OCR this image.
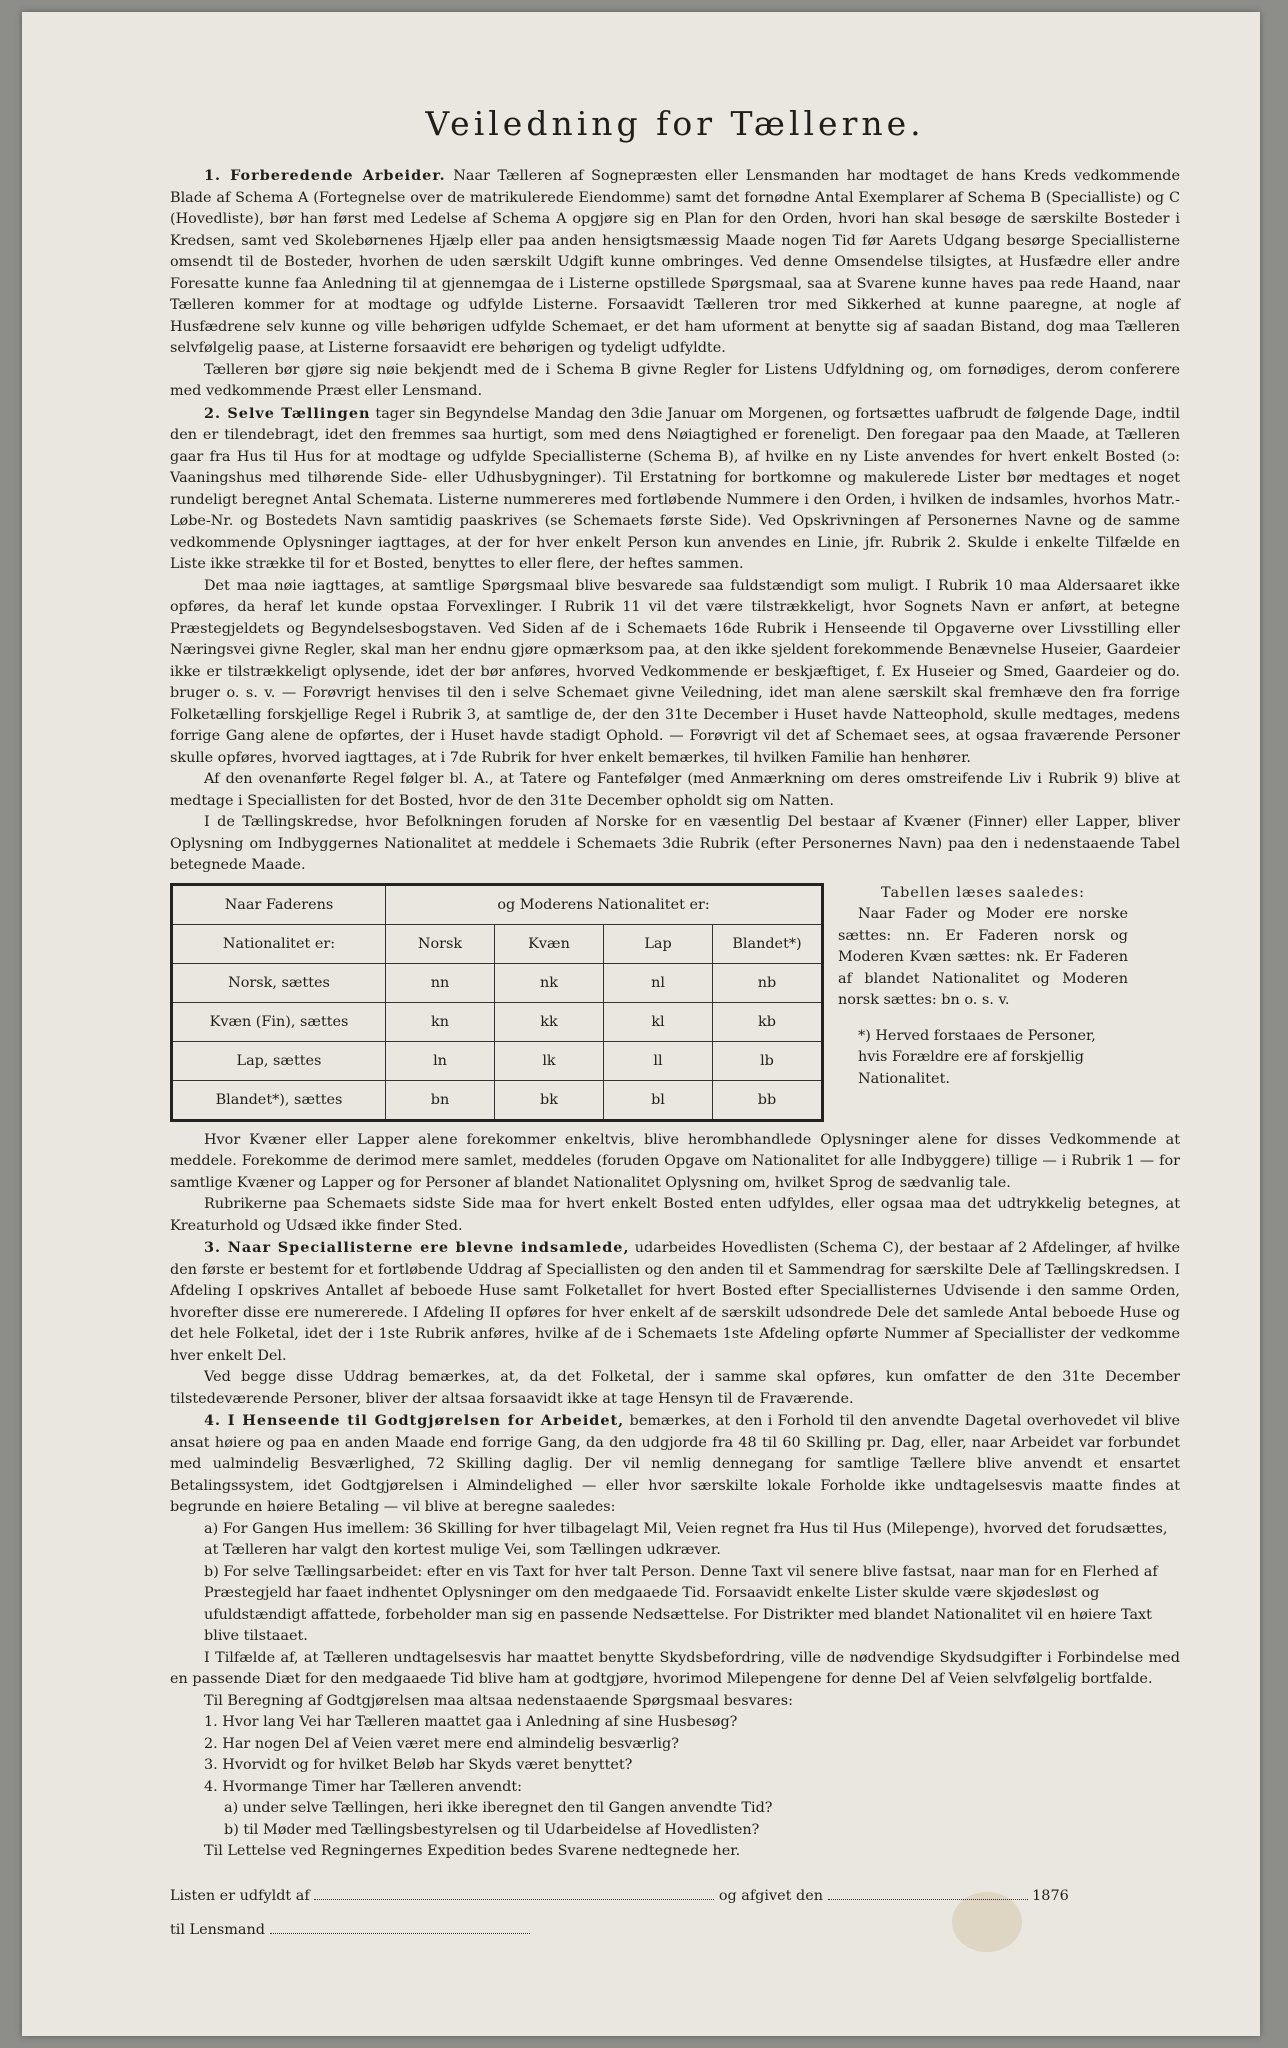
Veiledning for Tællerne.

1. Forberedende Arbeider. Naar Tælleren af Sognepræsten eller Lensmanden har modtaget de hans Kreds vedkommende Blade af Schema A (Fortegnelse over de matrikulerede Eiendomme) samt det fornødne Antal Exemplarer af Schema B (Specialliste) og C (Hovedliste), bør han først med Ledelse af Schema A opgjøre sig en Plan for den Orden, hvori han skal besøge de særskilte Bosteder i Kredsen, samt ved Skolebørnenes Hjælp eller paa anden hensigtsmæssig Maade nogen Tid før Aarets Udgang besørge Speciallisterne omsendt til de Bosteder, hvorhen de uden særskilt Udgift kunne ombringes. Ved denne Omsendelse tilsigtes, at Husfædre eller andre Foresatte kunne faa Anledning til at gjennemgaa de i Listerne opstillede Spørgsmaal, saa at Svarene kunne haves paa rede Haand, naar Tælleren kommer for at modtage og udfylde Listerne. Forsaavidt Tælleren tror med Sikkerhed at kunne paaregne, at nogle af Husfædrene selv kunne og ville behørigen udfylde Schemaet, er det ham uforment at benytte sig af saadan Bistand, dog maa Tælleren selvfølgelig paase, at Listerne forsaavidt ere behørigen og tydeligt udfyldte.

Tælleren bør gjøre sig nøie bekjendt med de i Schema B givne Regler for Listens Udfyldning og, om fornødiges, derom conferere med vedkommende Præst eller Lensmand.

2. Selve Tællingen tager sin Begyndelse Mandag den 3die Januar om Morgenen, og fortsættes uafbrudt de følgende Dage, indtil den er tilendebragt, idet den fremmes saa hurtigt, som med dens Nøiagtighed er foreneligt. Den foregaar paa den Maade, at Tælleren gaar fra Hus til Hus for at modtage og udfylde Speciallisterne (Schema B), af hvilke en ny Liste anvendes for hvert enkelt Bosted (ɔ: Vaaningshus med tilhørende Side- eller Udhusbygninger). Til Erstatning for bortkomne og makulerede Lister bør medtages et noget rundeligt beregnet Antal Schemata. Listerne nummereres med fortløbende Nummere i den Orden, i hvilken de indsamles, hvorhos Matr.-Løbe-Nr. og Bostedets Navn samtidig paaskrives (se Schemaets første Side). Ved Opskrivningen af Personernes Navne og de samme vedkommende Oplysninger iagttages, at der for hver enkelt Person kun anvendes en Linie, jfr. Rubrik 2. Skulde i enkelte Tilfælde en Liste ikke strække til for et Bosted, benyttes to eller flere, der heftes sammen.

Det maa nøie iagttages, at samtlige Spørgsmaal blive besvarede saa fuldstændigt som muligt. I Rubrik 10 maa Aldersaaret ikke opføres, da heraf let kunde opstaa Forvexlinger. I Rubrik 11 vil det være tilstrækkeligt, hvor Sognets Navn er anført, at betegne Præstegjeldets og Begyndelsesbogstaven. Ved Siden af de i Schemaets 16de Rubrik i Henseende til Opgaverne over Livsstilling eller Næringsvei givne Regler, skal man her endnu gjøre opmærksom paa, at den ikke sjeldent forekommende Benævnelse Huseier, Gaardeier ikke er tilstrækkeligt oplysende, idet der bør anføres, hvorved Vedkommende er beskjæftiget, f. Ex Huseier og Smed, Gaardeier og do. bruger o. s. v. — Forøvrigt henvises til den i selve Schemaet givne Veiledning, idet man alene særskilt skal fremhæve den fra forrige Folketælling forskjellige Regel i Rubrik 3, at samtlige de, der den 31te December i Huset havde Natteophold, skulle medtages, medens forrige Gang alene de opførtes, der i Huset havde stadigt Ophold. — Forøvrigt vil det af Schemaet sees, at ogsaa fraværende Personer skulle opføres, hvorved iagttages, at i 7de Rubrik for hver enkelt bemærkes, til hvilken Familie han henhører.

Af den ovenanførte Regel følger bl. A., at Tatere og Fantefølger (med Anmærkning om deres omstreifende Liv i Rubrik 9) blive at medtage i Speciallisten for det Bosted, hvor de den 31te December opholdt sig om Natten.

I de Tællingskredse, hvor Befolkningen foruden af Norske for en væsentlig Del bestaar af Kvæner (Finner) eller Lapper, bliver Oplysning om Indbyggernes Nationalitet at meddele i Schemaets 3die Rubrik (efter Personernes Navn) paa den i nedenstaaende Tabel betegnede Maade.

Naar Faderens	og Moderens Nationalitet er:			
Nationalitet er:	Norsk	Kvæn	Lap	Blandet*)
Norsk, sættes	nn	nk	nl	nb
Kvæn (Fin), sættes	kn	kk	kl	kb
Lap, sættes	ln	lk	ll	lb
Blandet*), sættes	bn	bk	bl	bb
Tabellen læses saaledes:

Naar Fader og Moder ere norske sættes: nn. Er Faderen norsk og Moderen Kvæn sættes: nk. Er Faderen af blandet Nationalitet og Moderen norsk sættes: bn o. s. v.

*) Herved forstaaes de Personer, hvis Forældre ere af forskjellig Nationalitet.

Hvor Kvæner eller Lapper alene forekommer enkeltvis, blive herombhandlede Oplysninger alene for disses Vedkommende at meddele. Forekomme de derimod mere samlet, meddeles (foruden Opgave om Nationalitet for alle Indbyggere) tillige — i Rubrik 1 — for samtlige Kvæner og Lapper og for Personer af blandet Nationalitet Oplysning om, hvilket Sprog de sædvanlig tale.

Rubrikerne paa Schemaets sidste Side maa for hvert enkelt Bosted enten udfyldes, eller ogsaa maa det udtrykkelig betegnes, at Kreaturhold og Udsæd ikke finder Sted.

3. Naar Speciallisterne ere blevne indsamlede, udarbeides Hovedlisten (Schema C), der bestaar af 2 Afdelinger, af hvilke den første er bestemt for et fortløbende Uddrag af Speciallisten og den anden til et Sammendrag for særskilte Dele af Tællingskredsen. I Afdeling I opskrives Antallet af beboede Huse samt Folketallet for hvert Bosted efter Speciallisternes Udvisende i den samme Orden, hvorefter disse ere numererede. I Afdeling II opføres for hver enkelt af de særskilt udsondrede Dele det samlede Antal beboede Huse og det hele Folketal, idet der i 1ste Rubrik anføres, hvilke af de i Schemaets 1ste Afdeling opførte Nummer af Speciallister der vedkomme hver enkelt Del.

Ved begge disse Uddrag bemærkes, at, da det Folketal, der i samme skal opføres, kun omfatter de den 31te December tilstedeværende Personer, bliver der altsaa forsaavidt ikke at tage Hensyn til de Fraværende.

4. I Henseende til Godtgjørelsen for Arbeidet, bemærkes, at den i Forhold til den anvendte Dagetal overhovedet vil blive ansat høiere og paa en anden Maade end forrige Gang, da den udgjorde fra 48 til 60 Skilling pr. Dag, eller, naar Arbeidet var forbundet med ualmindelig Besværlighed, 72 Skilling daglig. Der vil nemlig dennegang for samtlige Tællere blive anvendt et ensartet Betalingssystem, idet Godtgjørelsen i Almindelighed — eller hvor særskilte lokale Forholde ikke undtagelsesvis maatte findes at begrunde en høiere Betaling — vil blive at beregne saaledes:

a) For Gangen Hus imellem: 36 Skilling for hver tilbagelagt Mil, Veien regnet fra Hus til Hus (Milepenge), hvorved det forudsættes, at Tælleren har valgt den kortest mulige Vei, som Tællingen udkræver.
b) For selve Tællingsarbeidet: efter en vis Taxt for hver talt Person. Denne Taxt vil senere blive fastsat, naar man for en Flerhed af Præstegjeld har faaet indhentet Oplysninger om den medgaaede Tid. Forsaavidt enkelte Lister skulde være skjødesløst og ufuldstændigt affattede, forbeholder man sig en passende Nedsættelse. For Distrikter med blandet Nationalitet vil en høiere Taxt blive tilstaaet.

I Tilfælde af, at Tælleren undtagelsesvis har maattet benytte Skydsbefordring, ville de nødvendige Skydsudgifter i Forbindelse med en passende Diæt for den medgaaede Tid blive ham at godtgjøre, hvorimod Milepengene for denne Del af Veien selvfølgelig bortfalde.

Til Beregning af Godtgjørelsen maa altsaa nedenstaaende Spørgsmaal besvares:

1. Hvor lang Vei har Tælleren maattet gaa i Anledning af sine Husbesøg?
2. Har nogen Del af Veien været mere end almindelig besværlig?
3. Hvorvidt og for hvilket Beløb har Skyds været benyttet?
4. Hvormange Timer har Tælleren anvendt:
a) under selve Tællingen, heri ikke iberegnet den til Gangen anvendte Tid?
b) til Møder med Tællingsbestyrelsen og til Udarbeidelse af Hovedlisten?

Til Lettelse ved Regningernes Expedition bedes Svarene nedtegnede her.

Listen er udfyldt af	og afgivet den	1876
til Lensmand
